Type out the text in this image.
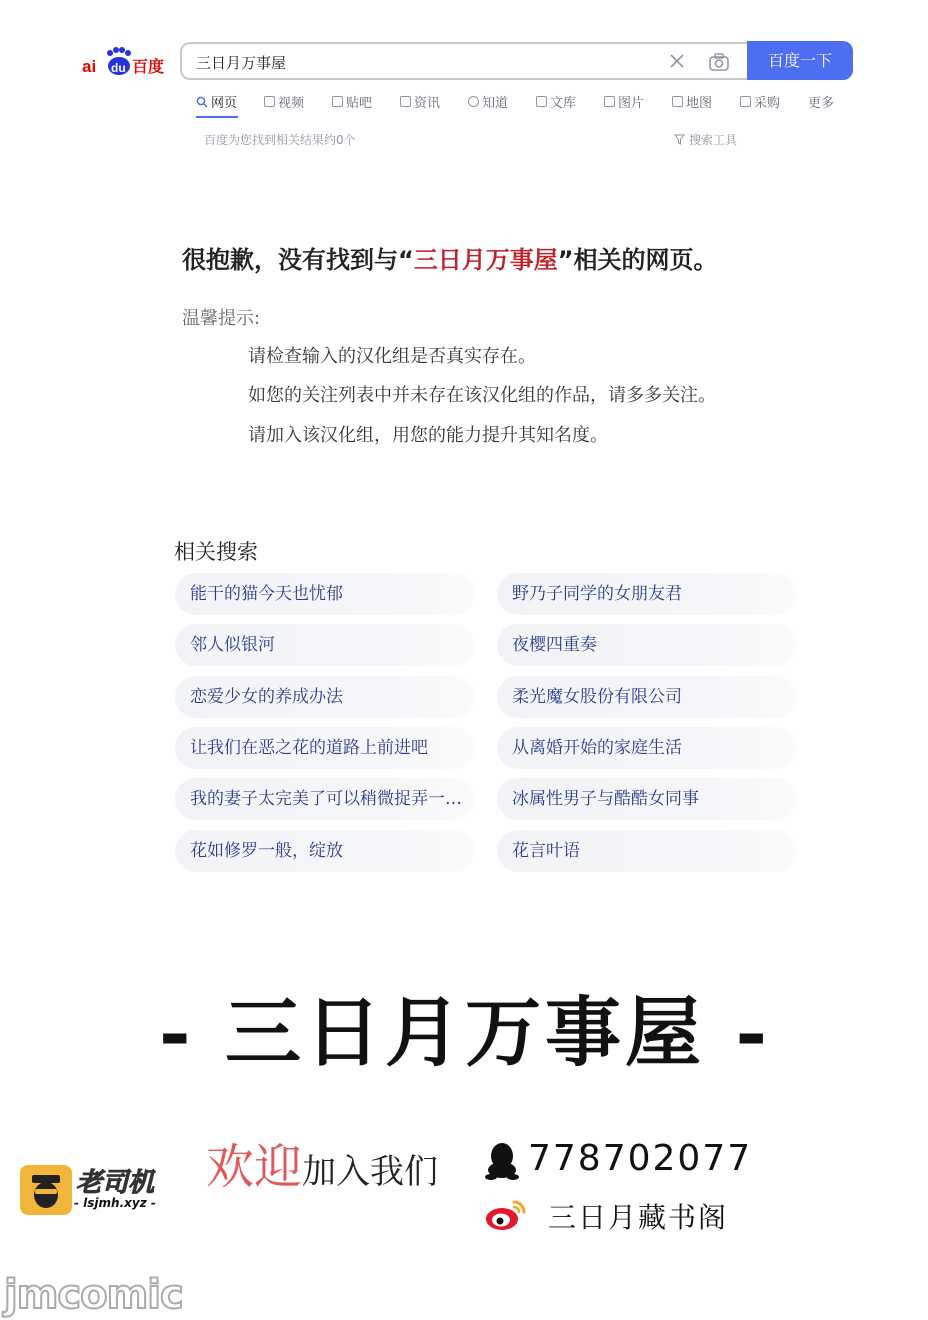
ai du 百度 三日月万事屋	百度一下
网页	视频	贴吧	资讯	知道	文库	图片	地图	采购 更多
百度为您找到相关结果约0个	搜索工具
很抱歉，没有找到与“三日月万事屋”相关的网页。
温馨提示:
请检查输入的汉化组是否真实存在。
如您的关注列表中并未存在该汉化组的作品，请多多关注。
请加入该汉化组，用您的能力提升其知名度。
相关搜索
能干的猫今天也忧郁	野乃子同学的女朋友君
邻人似银河	夜樱四重奏
恋爱少女的养成办法	柔光魔女股份有限公司
让我们在恶之花的道路上前进吧	从离婚开始的家庭生活
我的妻子太完美了可以稍微捉弄一…	冰属性男子与酷酷女同事
花如修罗一般，绽放	花言叶语
- 三日月万事屋 -
欢迎加入我们 778702077
三日月藏书阁
老司机
- lsjmh.xyz -
jmcomic
